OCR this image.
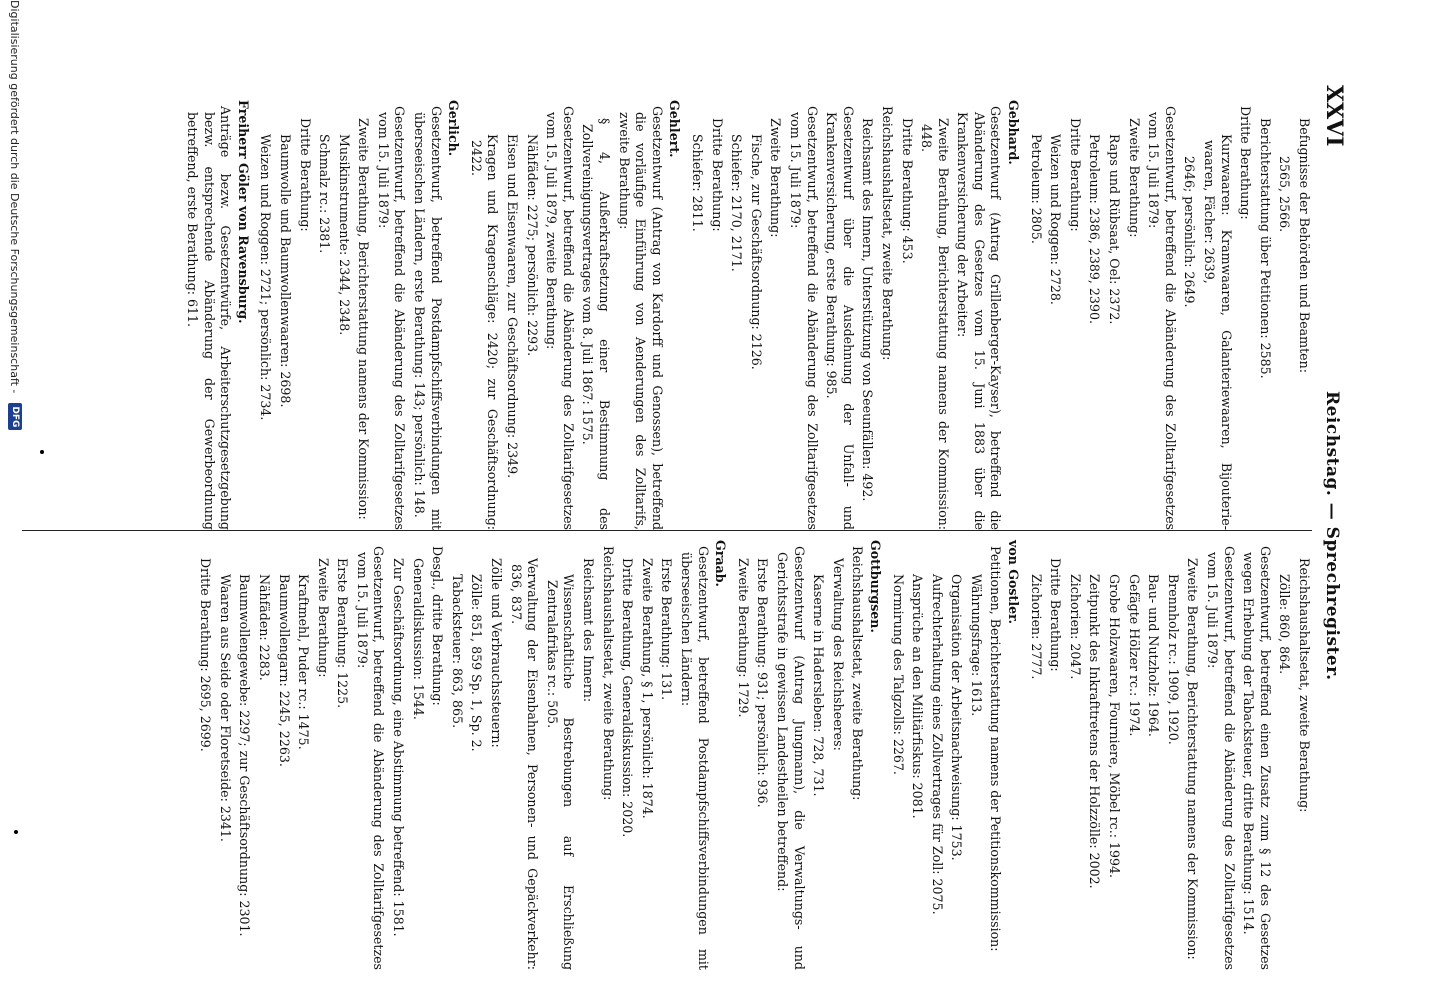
XXVI
Reichstag. — Sprechregister.
Befugnisse der Behörden und Beamten:
2565, 2566.
Berichterstattung über Petitionen: 2585.
Dritte Berathung:
Kurzwaaren: Kramwaaren, Galanteriewaaren, Bijouteriewaaren, Fächer: 2639,
2646; persönlich: 2649.
Gesetzentwurf, betreffend die Abänderung des Zolltarifgesetzes vom 15. Juli 1879:
Zweite Berathung:
Raps und Rübsaat, Oel: 2372.
Petroleum: 2386, 2389, 2390.
Dritte Berathung:
Weizen und Roggen: 2728.
Petroleum: 2805.
Gebhard.
Gesetzentwurf (Antrag Grillenberger-Kayser), betreffend die Abänderung des Gesetzes vom 15. Juni 1883 über die Krankenversicherung der Arbeiter:
Zweite Berathung, Berichterstattung namens der Kommission: 448.
Dritte Berathung: 453.
Reichshaushaltsetat, zweite Berathung:
Reichsamt des Innern, Unterstützung von Seeunfällen: 492.
Gesetzentwurf über die Ausdehnung der Unfall- und Krankenversicherung, erste Berathung: 985.
Gesetzentwurf, betreffend die Abänderung des Zolltarifgesetzes vom 15. Juli 1879:
Zweite Berathung:
Fische, zur Geschäftsordnung: 2126.
Schiefer: 2170, 2171.
Dritte Berathung:
Schiefer: 2811.
Gehlert.
Gesetzentwurf (Antrag von Kardorff und Genossen), betreffend die vorläufige Einführung von Aenderungen des Zolltarifs, zweite Berathung:
§ 4, Außerkraftsetzung einer Bestimmung des Zollvereinigungsvertrages vom 8. Juli 1867: 1575.
Gesetzentwurf, betreffend die Abänderung des Zolltarifgesetzes vom 15. Juli 1879, zweite Berathung:
Nähfäden: 2275; persönlich: 2293.
Eisen und Eisenwaaren, zur Geschäftsordnung: 2349.
Kragen und Kragenschläge: 2420; zur Geschäftsordnung: 2422.
Gerlich.
Gesetzentwurf, betreffend Postdampfschiffsverbindungen mit überseeischen Ländern, erste Berathung: 143; persönlich: 148.
Gesetzentwurf, betreffend die Abänderung des Zolltarifgesetzes vom 15. Juli 1879:
Zweite Berathung, Berichterstattung namens der Kommission:
Musikinstrumente: 2344, 2348.
Schmalz rc.: 2381.
Dritte Berathung:
Baumwolle und Baumwollenwaaren: 2698.
Weizen und Roggen: 2721; persönlich: 2734.
Freiherr Göler von Ravensburg.
Anträge bezw. Gesetzentwürfe, Arbeiterschutzgesetzgebung bezw. entsprechende Abänderung der Gewerbeordnung betreffend, erste Berathung: 611.
Reichshaushaltsetat, zweite Berathung:
Zölle: 860, 864.
Gesetzentwurf, betreffend einen Zusatz zum § 12 des Gesetzes wegen Erhebung der Tabacksteuer, dritte Berathung: 1514.
Gesetzentwurf, betreffend die Abänderung des Zolltarifgesetzes vom 15. Juli 1879:
Zweite Berathung, Berichterstattung namens der Kommission:
Brennholz rc.: 1909, 1920.
Bau- und Nutzholz: 1964.
Gefägte Hölzer rc.: 1974.
Grobe Holzwaaren, Fourniere, Möbel rc.: 1994.
Zeitpunkt des Inkrafttretens der Holzzölle: 2002.
Zichorien: 2047.
Dritte Berathung:
Zichorien: 2777.
von Gostler.
Petitionen, Berichterstattung namens der Petitionskommission:
Währungsfrage: 1613.
Organisation der Arbeitsnachweisung: 1753.
Aufrechterhaltung eines Zollvertrages für Zoll: 2075.
Ansprüche an den Militärfiskus: 2081.
Normirung des Talgzolls: 2267.
Gottburgsen.
Reichshaushaltsetat, zweite Berathung:
Verwaltung des Reichsheeres:
Kaserne in Hadersleben: 728, 731.
Gesetzentwurf (Antrag Jungmann), die Verwaltungs- und Gerichtsstrafe in gewissen Landestheilen betreffend:
Erste Berathung: 931; persönlich: 936.
Zweite Berathung: 1729.
Graab.
Gesetzentwurf, betreffend Postdampfschiffsverbindungen mit überseeischen Ländern:
Erste Berathung: 131.
Zweite Berathung, § 1, persönlich: 1874.
Dritte Berathung, Generaldiskussion: 2020.
Reichshaushaltsetat, zweite Berathung:
Reichsamt des Innern:
Wissenschaftliche Bestrebungen auf Erschließung Zentralafrikas rc.: 505.
Verwaltung der Eisenbahnen, Personen- und Gepäckverkehr: 836, 837.
Zölle und Verbrauchssteuern:
Zölle: 851, 859 Sp. 1, Sp. 2.
Tabacksteuer: 863, 865.
Desgl., dritte Berathung:
Generaldiskussion: 1544.
Zur Geschäftsordnung, eine Abstimmung betreffend: 1581.
Gesetzentwurf, betreffend die Abänderung des Zolltarifgesetzes vom 15. Juli 1879:
Erste Berathung: 1225.
Zweite Berathung:
Kraftmehl, Puder rc.: 1475.
Baumwollengarn: 2245, 2263.
Nähfäden: 2283.
Baumwollengewebe: 2297; zur Geschäftsordnung: 2301.
Waaren aus Seide oder Floretseide: 2341.
Dritte Berathung: 2695, 2699.
Digitalisierung gefördert durch die Deutsche Forschungsgemeinschaft -
DFG
